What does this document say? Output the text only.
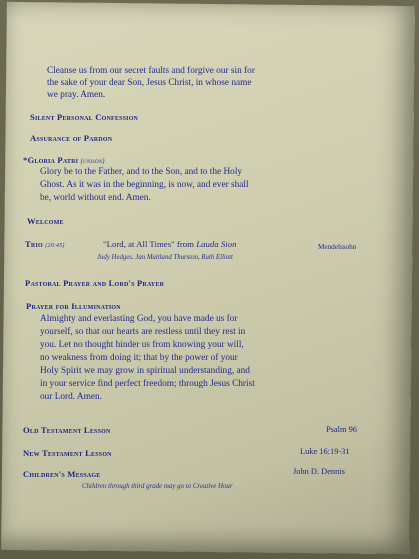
Cleanse us from our secret faults and forgive our sin for
the sake of your dear Son, Jesus Christ, in whose name
we pray. Amen.
Silent Personal Confession
Assurance of Pardon
*Gloria Patri (unison)
Glory be to the Father, and to the Son, and to the Holy
Ghost. As it was in the beginning, is now, and ever shall
be, world without end. Amen.
Welcome
Trio (20:45)	"Lord, at All Times" from Lauda Sion	Mendelssohn
Judy Hedges, Jan Maitland Thurston, Ruth Elliott
Pastoral Prayer and Lord's Prayer
Prayer for Illumination
Almighty and everlasting God, you have made us for
yourself, so that our hearts are restless until they rest in
you. Let no thought hinder us from knowing your will,
no weakness from doing it; that by the power of your
Holy Spirit we may grow in spiritual understanding, and
in your service find perfect freedom; through Jesus Christ
our Lord. Amen.
Old Testament Lesson	Psalm 96
New Testament Lesson	Luke 16:19-31
Children's Message	John D. Dennis
Children through third grade may go to Creative Hour
